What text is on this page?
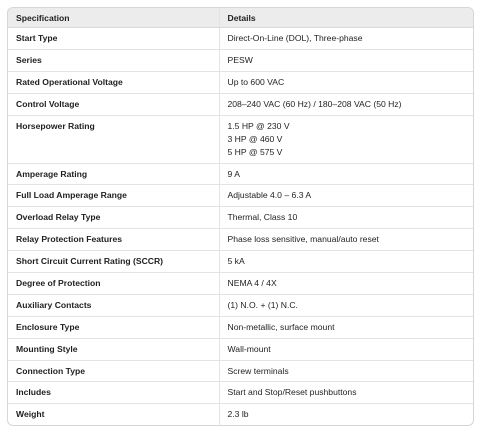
Specification	Details
Start Type	Direct-On-Line (DOL), Three-phase
Series	PESW
Rated Operational Voltage	Up to 600 VAC
Control Voltage	208–240 VAC (60 Hz) / 180–208 VAC (50 Hz)
Horsepower Rating	1.5 HP @ 230 V
3 HP @ 460 V
5 HP @ 575 V

Amperage Rating	9 A
Full Load Amperage Range	Adjustable 4.0 – 6.3 A
Overload Relay Type	Thermal, Class 10
Relay Protection Features	Phase loss sensitive, manual/auto reset
Short Circuit Current Rating (SCCR)	5 kA
Degree of Protection	NEMA 4 / 4X
Auxiliary Contacts	(1) N.O. + (1) N.C.
Enclosure Type	Non-metallic, surface mount
Mounting Style	Wall-mount
Connection Type	Screw terminals
Includes	Start and Stop/Reset pushbuttons
Weight	2.3 lb
